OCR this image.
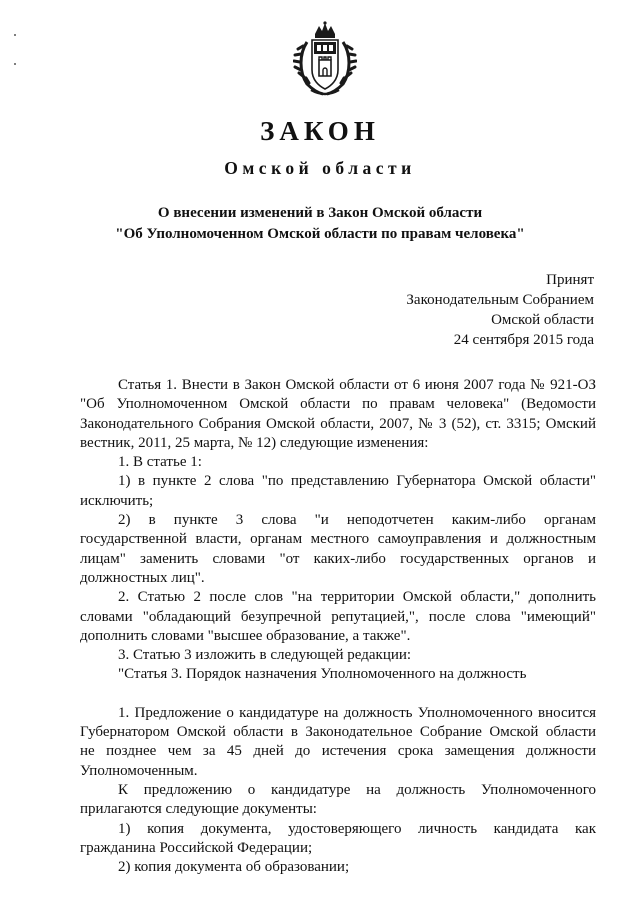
ЗАКОН
Омской области
О внесении изменений в Закон Омской области
"Об Уполномоченном Омской области по правам человека"
Принят
Законодательным Собранием
Омской области
24 сентября 2015 года
Статья 1. Внести в Закон Омской области от 6 июня 2007 года № 921-ОЗ
"Об Уполномоченном Омской области по правам человека" (Ведомости
Законодательного Собрания Омской области, 2007, № 3 (52), ст. 3315; Омский
вестник, 2011, 25 марта, № 12) следующие изменения:
1. В статье 1:
1) в пункте 2 слова "по представлению Губернатора Омской области"
исключить;
2) в пункте 3 слова "и неподотчетен каким-либо органам
государственной власти, органам местного самоуправления и должностным
лицам" заменить словами "от каких-либо государственных органов и
должностных лиц".
2. Статью 2 после слов "на территории Омской области," дополнить
словами "обладающий безупречной репутацией,", после слова "имеющий"
дополнить словами "высшее образование, а также".
3. Статью 3 изложить в следующей редакции:
"Статья 3. Порядок назначения Уполномоченного на должность
1. Предложение о кандидатуре на должность Уполномоченного вносится
Губернатором Омской области в Законодательное Собрание Омской области
не позднее чем за 45 дней до истечения срока замещения должности
Уполномоченным.
К предложению о кандидатуре на должность Уполномоченного
прилагаются следующие документы:
1) копия документа, удостоверяющего личность кандидата как
гражданина Российской Федерации;
2) копия документа об образовании;
